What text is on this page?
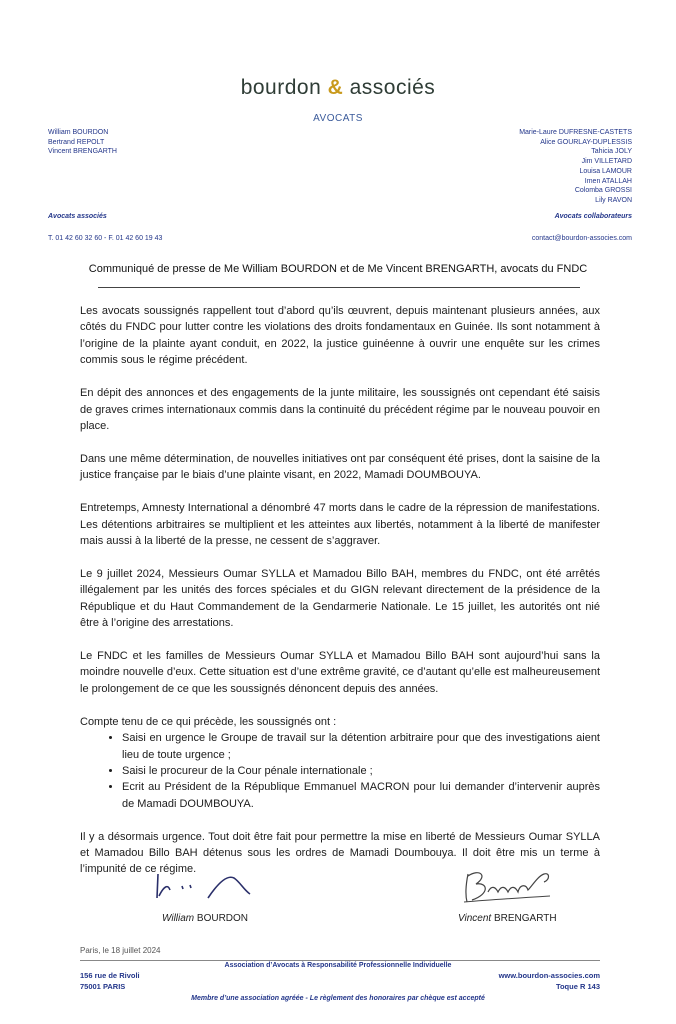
bourdon & associés
AVOCATS
William BOURDON
Bertrand REPOLT
Vincent BRENGARTH
Marie-Laure DUFRESNE-CASTETS
Alice GOURLAY-DUPLESSIS
Tahicia JOLY
Jim VILLETARD
Louisa LAMOUR
Imen ATALLAH
Colomba GROSSI
Lily RAVON
Avocats associés	Avocats collaborateurs
T. 01 42 60 32 60 - F. 01 42 60 19 43	contact@bourdon-associes.com
Communiqué de presse de Me William BOURDON et de Me Vincent BRENGARTH, avocats du FNDC

Les avocats soussignés rappellent tout d’abord qu’ils œuvrent, depuis maintenant plusieurs années, aux côtés du FNDC pour lutter contre les violations des droits fondamentaux en Guinée. Ils sont notamment à l’origine de la plainte ayant conduit, en 2022, la justice guinéenne à ouvrir une enquête sur les crimes commis sous le régime précédent.

En dépit des annonces et des engagements de la junte militaire, les soussignés ont cependant été saisis de graves crimes internationaux commis dans la continuité du précédent régime par le nouveau pouvoir en place.

Dans une même détermination, de nouvelles initiatives ont par conséquent été prises, dont la saisine de la justice française par le biais d’une plainte visant, en 2022, Mamadi DOUMBOUYA.

Entretemps, Amnesty International a dénombré 47 morts dans le cadre de la répression de manifestations. Les détentions arbitraires se multiplient et les atteintes aux libertés, notamment à la liberté de manifester mais aussi à la liberté de la presse, ne cessent de s’aggraver.

Le 9 juillet 2024, Messieurs Oumar SYLLA et Mamadou Billo BAH, membres du FNDC, ont été arrêtés illégalement par les unités des forces spéciales et du GIGN relevant directement de la présidence de la République et du Haut Commandement de la Gendarmerie Nationale. Le 15 juillet, les autorités ont nié être à l’origine des arrestations.

Le FNDC et les familles de Messieurs Oumar SYLLA et Mamadou Billo BAH sont aujourd’hui sans la moindre nouvelle d’eux. Cette situation est d’une extrême gravité, ce d’autant qu’elle est malheureusement le prolongement de ce que les soussignés dénoncent depuis des années.

Compte tenu de ce qui précède, les soussignés ont :

• Saisi en urgence le Groupe de travail sur la détention arbitraire pour que des investigations aient lieu de toute urgence ;
• Saisi le procureur de la Cour pénale internationale ;
• Ecrit au Président de la République Emmanuel MACRON pour lui demander d’intervenir auprès de Mamadi DOUMBOUYA.

Il y a désormais urgence. Tout doit être fait pour permettre la mise en liberté de Messieurs Oumar SYLLA et Mamadou Billo BAH détenus sous les ordres de Mamadi Doumbouya. Il doit être mis un terme à l’impunité de ce régime.

William BOURDON	Vincent BRENGARTH
Paris, le 18 juillet 2024
Association d’Avocats à Responsabilité Professionnelle Individuelle
156 rue de Rivoli
75001 PARIS
www.bourdon-associes.com
Toque R 143
Membre d’une association agréée - Le règlement des honoraires par chèque est accepté
